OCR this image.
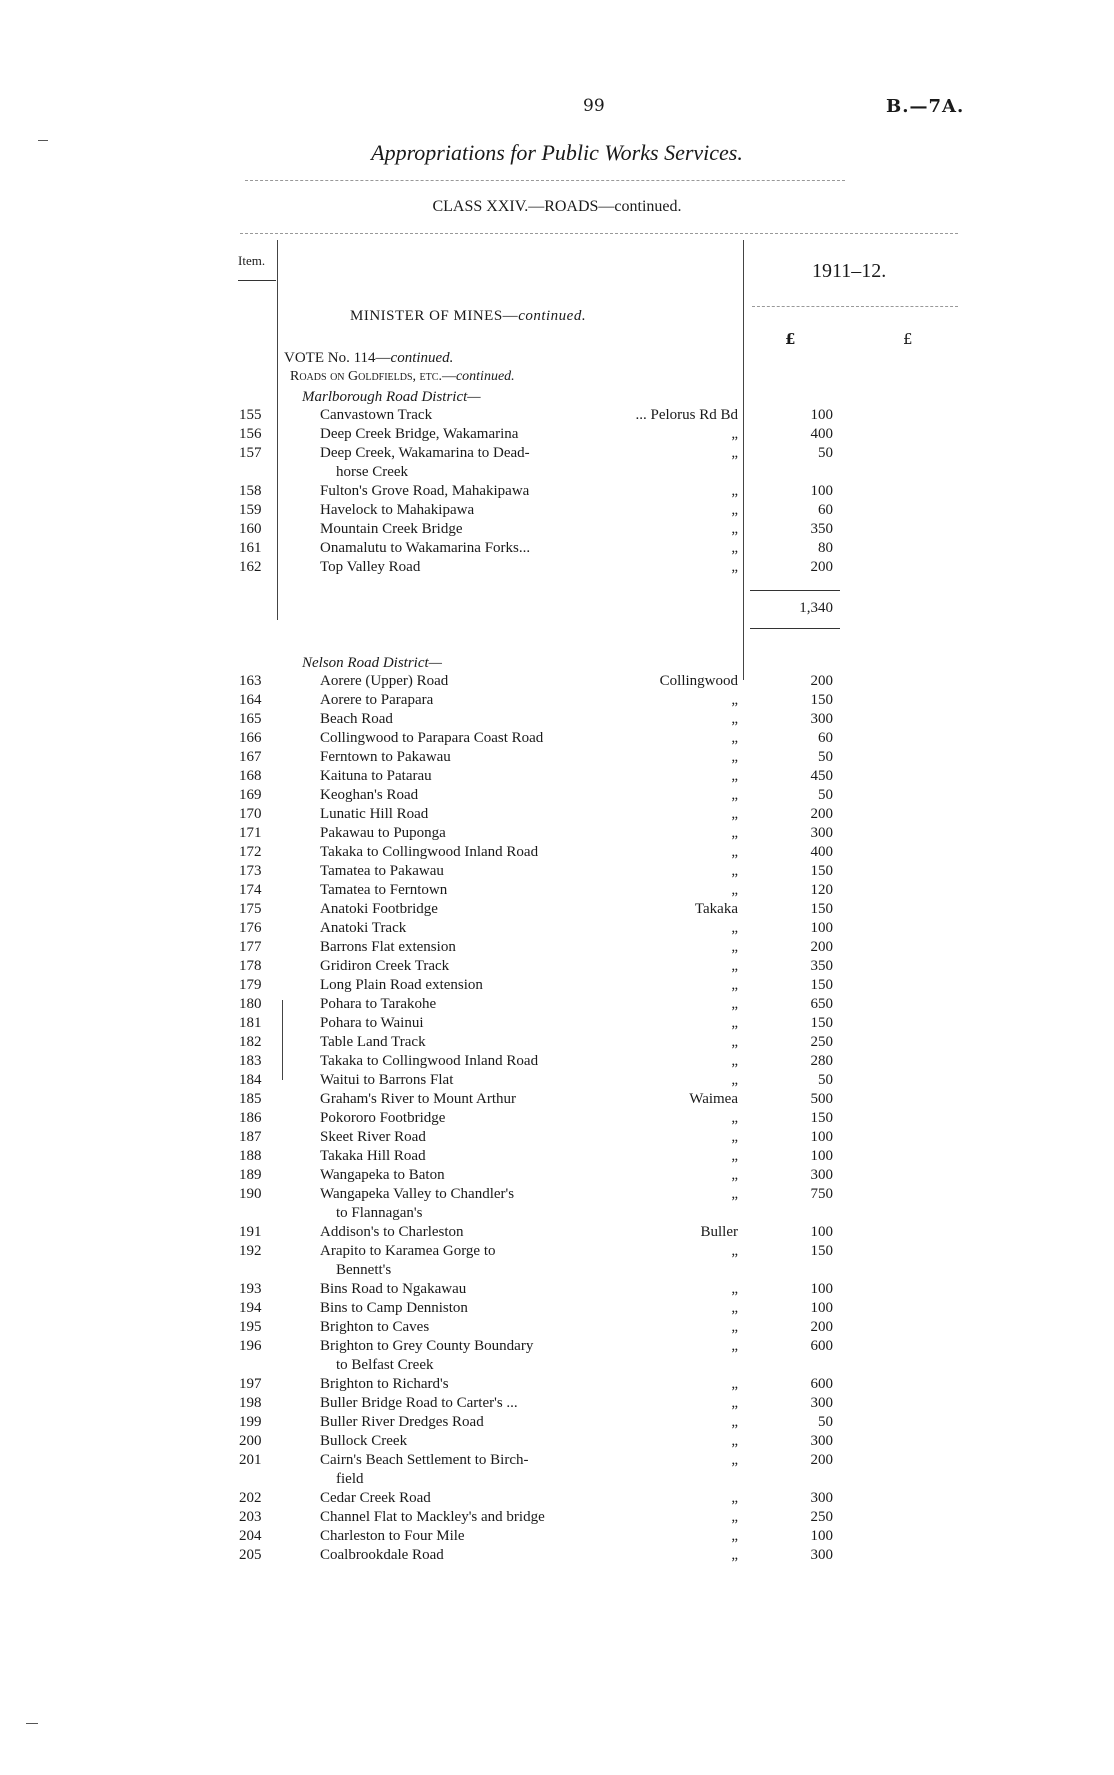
99	B.—7A.
Appropriations for Public Works Services.
CLASS XXIV.—ROADS—continued.
Item.	1911–12.
£	£
MINISTER OF MINES—continued.
VOTE No. 114—continued.
Roads on Goldfields, etc.—continued.
Marlborough Road District—
155	Canvastown Track	... Pelorus Rd Bd	100
156	Deep Creek Bridge, Wakamarina	„	400
157	Deep Creek, Wakamarina to Dead-	„	50
horse Creek
158	Fulton's Grove Road, Mahakipawa	„	100
159	Havelock to Mahakipawa	„	60
160	Mountain Creek Bridge	„	350
161	Onamalutu to Wakamarina Forks...	„	80
162	Top Valley Road	„	200
1,340
Nelson Road District—
163	Aorere (Upper) Road	Collingwood	200
164	Aorere to Parapara	„	150
165	Beach Road	„	300
166	Collingwood to Parapara Coast Road	„	60
167	Ferntown to Pakawau	„	50
168	Kaituna to Patarau	„	450
169	Keoghan's Road	„	50
170	Lunatic Hill Road	„	200
171	Pakawau to Puponga	„	300
172	Takaka to Collingwood Inland Road	„	400
173	Tamatea to Pakawau	„	150
174	Tamatea to Ferntown	„	120
175	Anatoki Footbridge	Takaka	150
176	Anatoki Track	„	100
177	Barrons Flat extension	„	200
178	Gridiron Creek Track	„	350
179	Long Plain Road extension	„	150
180	Pohara to Tarakohe	„	650
181	Pohara to Wainui	„	150
182	Table Land Track	„	250
183	Takaka to Collingwood Inland Road	„	280
184	Waitui to Barrons Flat	„	50
185	Graham's River to Mount Arthur	Waimea	500
186	Pokororo Footbridge	„	150
187	Skeet River Road	„	100
188	Takaka Hill Road	„	100
189	Wangapeka to Baton	„	300
190	Wangapeka Valley to Chandler's	„	750
to Flannagan's
191	Addison's to Charleston	Buller	100
192	Arapito to Karamea Gorge to	„	150
Bennett's
193	Bins Road to Ngakawau	„	100
194	Bins to Camp Denniston	„	100
195	Brighton to Caves	„	200
196	Brighton to Grey County Boundary	„	600
to Belfast Creek
197	Brighton to Richard's	„	600
198	Buller Bridge Road to Carter's ...	„	300
199	Buller River Dredges Road	„	50
200	Bullock Creek	„	300
201	Cairn's Beach Settlement to Birch-	„	200
field
202	Cedar Creek Road	„	300
203	Channel Flat to Mackley's and bridge	„	250
204	Charleston to Four Mile	„	100
205	Coalbrookdale Road	„	300
